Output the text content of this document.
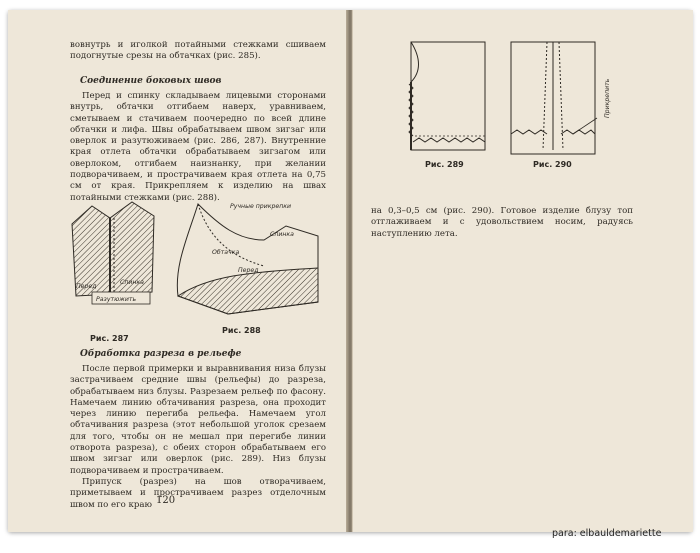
вовнутрь и иголкой потайными стежками сшиваем подогнутые срезы на обтачках (рис. 285).

Соединение боковых швов

Перед и спинку складываем лицевыми сторонами внутрь, обтачки отгибаем наверх, уравниваем, сметываем и стачиваем поочередно по всей длине обтачки и лифа. Швы обрабатываем швом зигзаг или оверлок и разутюживаем (рис. 286, 287). Внутренние края отлета обтачки обрабатываем зигзагом или оверлоком, отгибаем наизнанку, при желании подворачиваем, и прострачиваем края отлета на 0,75 см от края. Прикрепляем к изделию на швах потайными стежками (рис. 288).

Перед
Спинка
Разутюжить
Рис. 287
Ручные прикрепки
Спинка
Обтачка
Перед
Рис. 288
Обработка разреза в рельефе

После первой примерки и выравнивания низа блузы застрачиваем средние швы (рельефы) до разреза, обрабатываем низ блузы. Разрезаем рельеф по фасону. Намечаем линию обтачивания разреза, она проходит через линию перегиба рельефа. Намечаем угол обтачивания разреза (этот небольшой уголок срезаем для того, чтобы он не мешал при перегибе линии отворота разреза), с обеих сторон обрабатываем его швом зигзаг или оверлок (рис. 289). Низ блузы подворачиваем и прострачиваем.

Припуск (разрез) на шов отворачиваем, приметываем и прострачиваем разрез отделочным швом по его краю 120
Рис. 289
Прикрепить
Рис. 290

на 0,3–0,5 см (рис. 290). Готовое изделие блузу топ отглаживаем и с удовольствием носим, радуясь наступлению лета.

para: elbauldemariette
